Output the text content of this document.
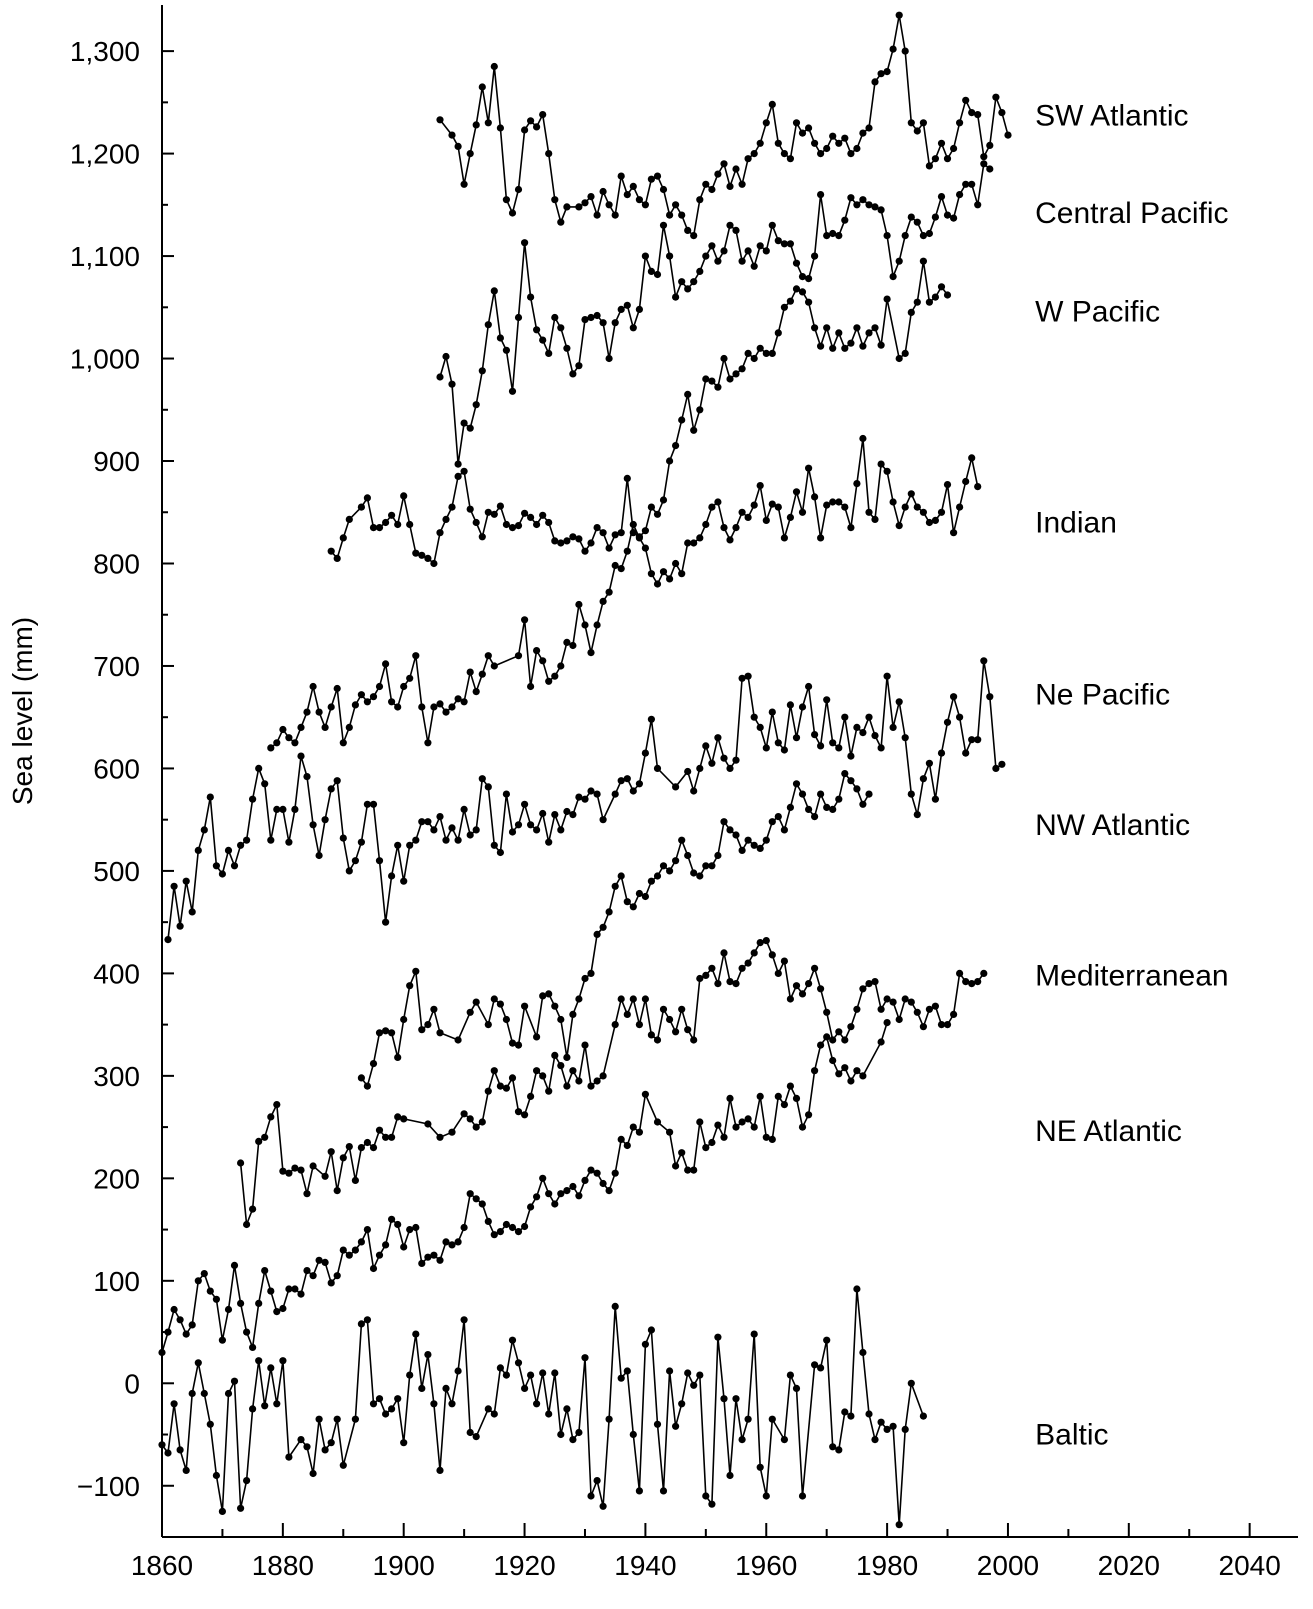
−100
0
100
200
300
400
500
600
700
800
900
1,000
1,100
1,200
1,300
1860 1880 1900 1920 1940 1960 1980 2000 2020 2040
SW Atlantic
Central Pacific
W Pacific
Indian
Ne Pacific
NW Atlantic
Mediterranean
NE Atlantic
Baltic
Sea level (mm)
